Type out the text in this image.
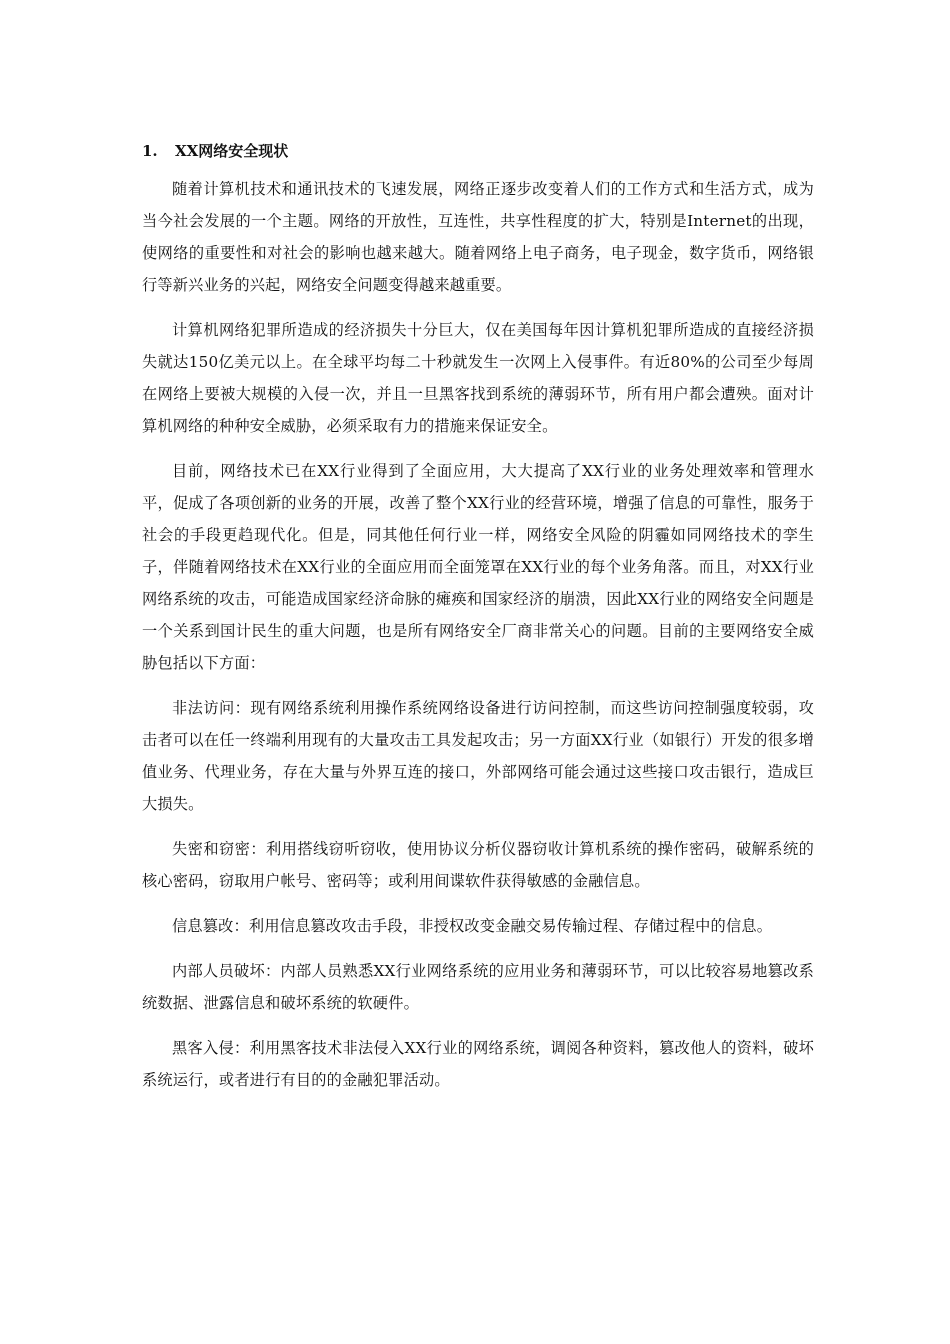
1.	XX网络安全现状

随着计算机技术和通讯技术的飞速发展，网络正逐步改变着人们的工作方式和生活方式，成为当今社会发展的一个主题。网络的开放性，互连性，共享性程度的扩大，特别是Internet的出现，使网络的重要性和对社会的影响也越来越大。随着网络上电子商务，电子现金，数字货币，网络银行等新兴业务的兴起，网络安全问题变得越来越重要。

计算机网络犯罪所造成的经济损失十分巨大，仅在美国每年因计算机犯罪所造成的直接经济损失就达150亿美元以上。在全球平均每二十秒就发生一次网上入侵事件。有近80%的公司至少每周在网络上要被大规模的入侵一次，并且一旦黑客找到系统的薄弱环节，所有用户都会遭殃。面对计算机网络的种种安全威胁，必须采取有力的措施来保证安全。

目前，网络技术已在XX行业得到了全面应用，大大提高了XX行业的业务处理效率和管理水平，促成了各项创新的业务的开展，改善了整个XX行业的经营环境，增强了信息的可靠性，服务于社会的手段更趋现代化。但是，同其他任何行业一样，网络安全风险的阴霾如同网络技术的孪生子，伴随着网络技术在XX行业的全面应用而全面笼罩在XX行业的每个业务角落。而且，对XX行业网络系统的攻击，可能造成国家经济命脉的瘫痪和国家经济的崩溃，因此XX行业的网络安全问题是一个关系到国计民生的重大问题，也是所有网络安全厂商非常关心的问题。目前的主要网络安全威胁包括以下方面：

非法访问：现有网络系统利用操作系统网络设备进行访问控制，而这些访问控制强度较弱，攻击者可以在任一终端利用现有的大量攻击工具发起攻击；另一方面XX行业（如银行）开发的很多增值业务、代理业务，存在大量与外界互连的接口，外部网络可能会通过这些接口攻击银行，造成巨大损失。

失密和窃密：利用搭线窃听窃收，使用协议分析仪器窃收计算机系统的操作密码，破解系统的核心密码，窃取用户帐号、密码等；或利用间谍软件获得敏感的金融信息。

信息篡改：利用信息篡改攻击手段，非授权改变金融交易传输过程、存储过程中的信息。

内部人员破坏：内部人员熟悉XX行业网络系统的应用业务和薄弱环节，可以比较容易地篡改系统数据、泄露信息和破坏系统的软硬件。

黑客入侵：利用黑客技术非法侵入XX行业的网络系统，调阅各种资料，篡改他人的资料，破坏系统运行，或者进行有目的的金融犯罪活动。
